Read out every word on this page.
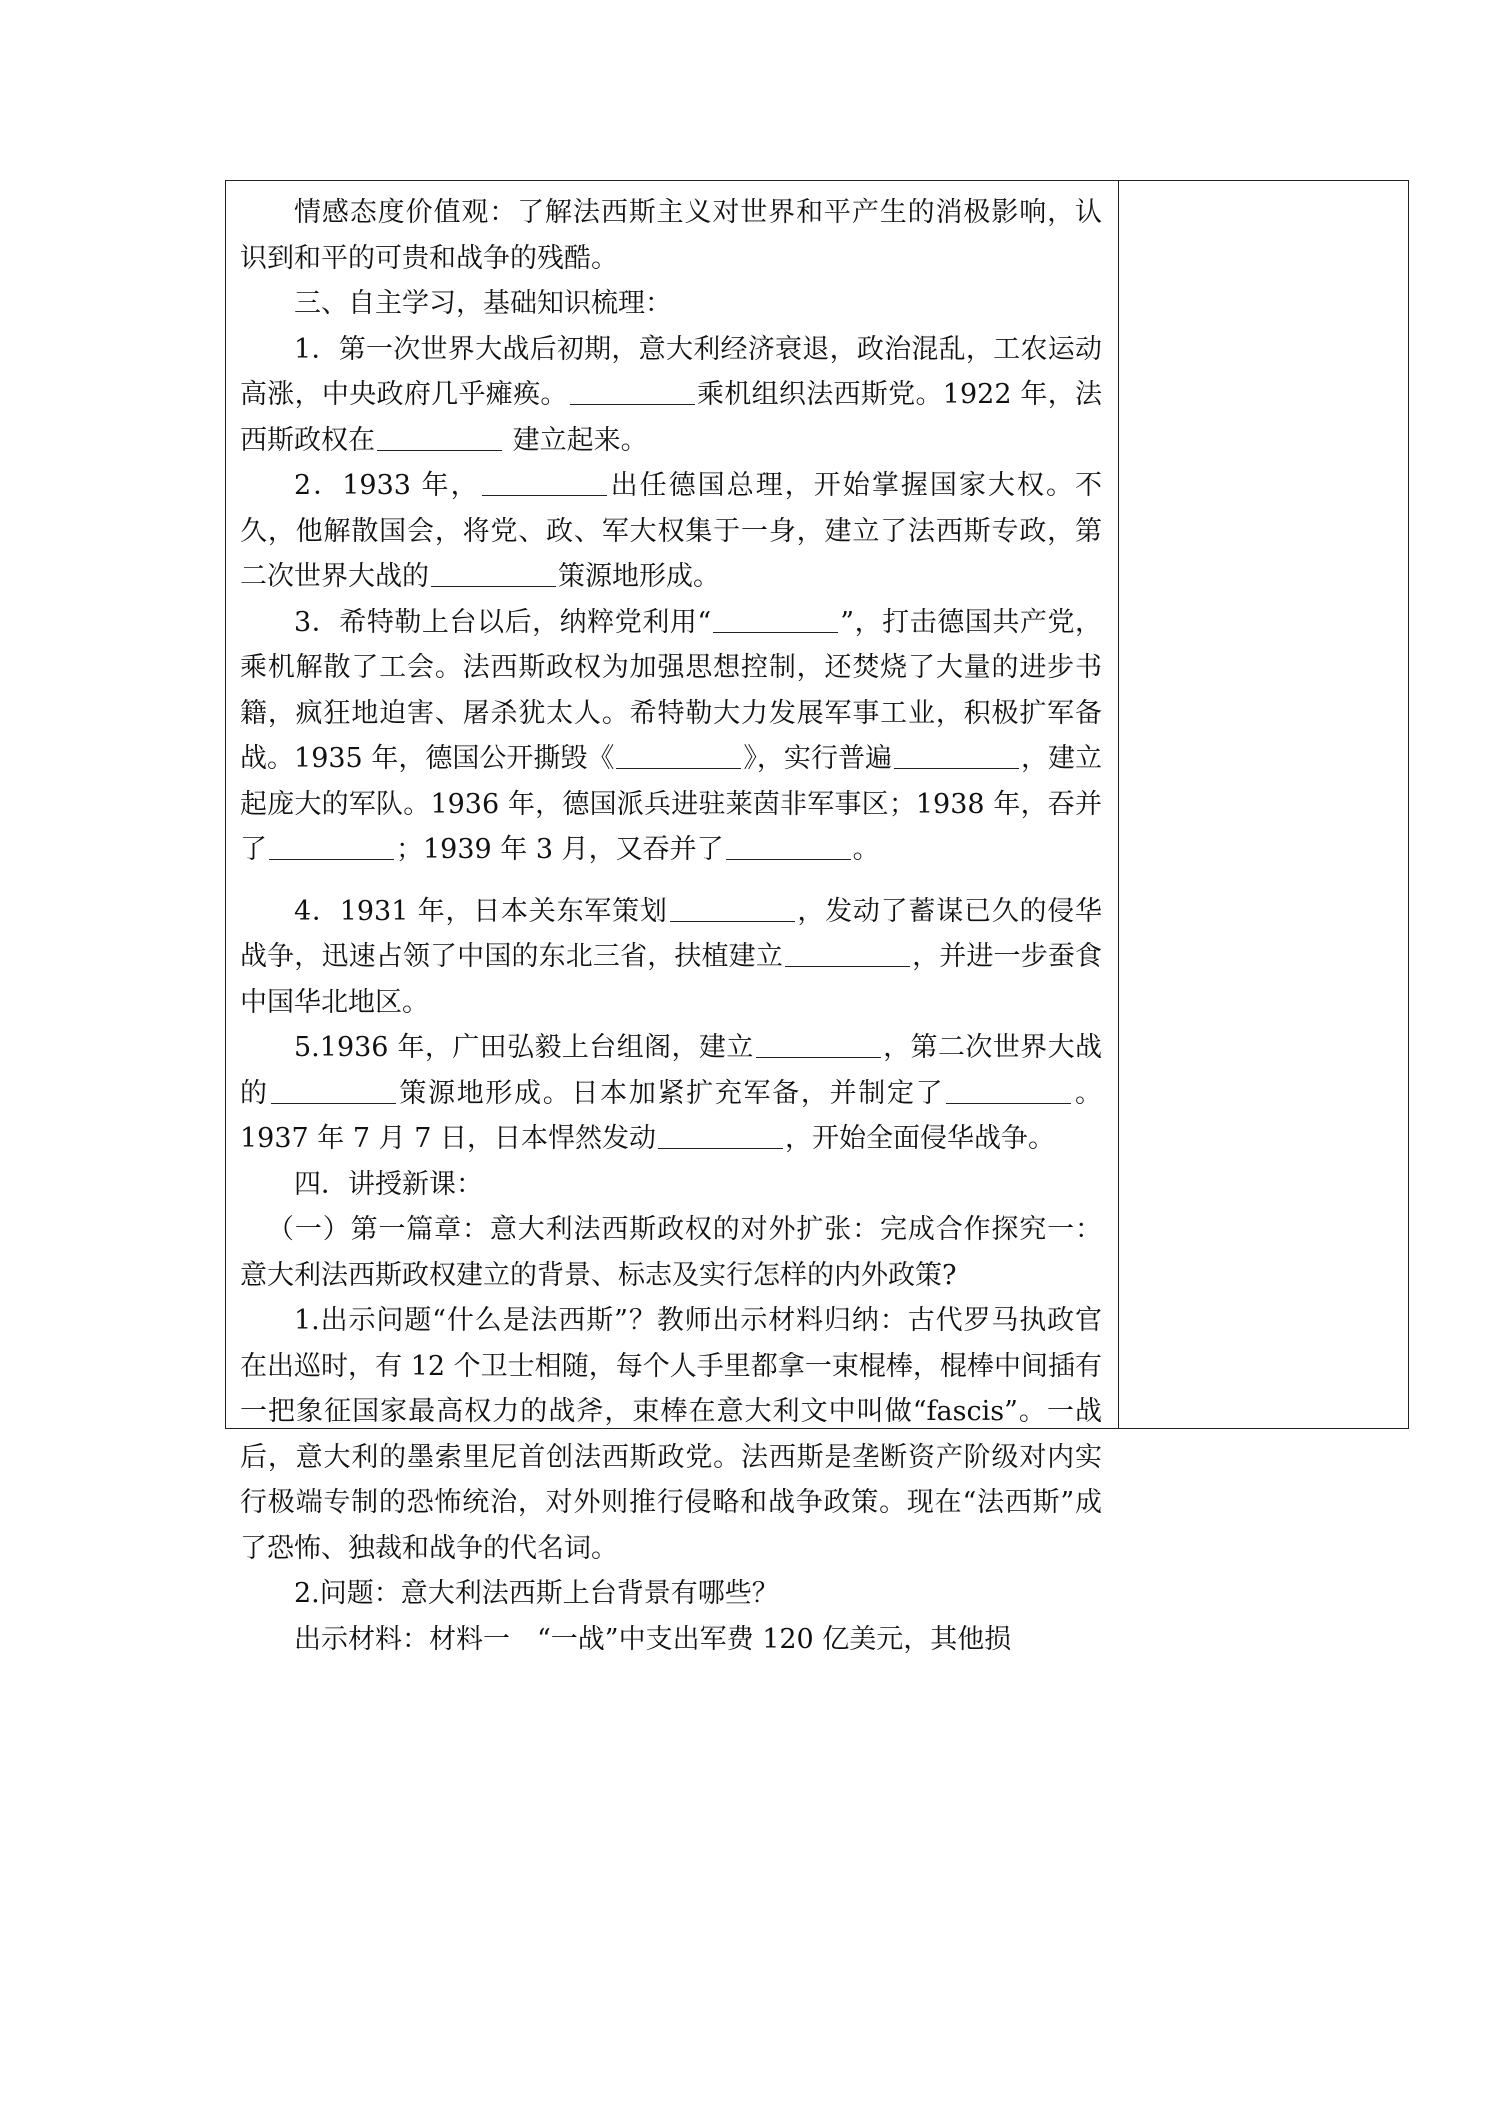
情感态度价值观：了解法西斯主义对世界和平产生的消极影响，认识到和平的可贵和战争的残酷。

三、自主学习，基础知识梳理：

1．第一次世界大战后初期，意大利经济衰退，政治混乱，工农运动高涨，中央政府几乎瘫痪。	乘机组织法西斯党。1922 年，法西斯政权在	建立起来。

2．1933 年，	出任德国总理，开始掌握国家大权。不久，他解散国会，将党、政、军大权集于一身，建立了法西斯专政，第二次世界大战的	策源地形成。

3．希特勒上台以后，纳粹党利用“	”，打击德国共产党，乘机解散了工会。法西斯政权为加强思想控制，还焚烧了大量的进步书籍，疯狂地迫害、屠杀犹太人。希特勒大力发展军事工业，积极扩军备战。1935 年，德国公开撕毁《	》，实行普遍	，建立起庞大的军队。1936 年，德国派兵进驻莱茵非军事区；1938 年，吞并了	；1939 年 3 月，又吞并了	。

4．1931 年，日本关东军策划	，发动了蓄谋已久的侵华战争，迅速占领了中国的东北三省，扶植建立	，并进一步蚕食中国华北地区。

5.1936 年，广田弘毅上台组阁，建立	，第二次世界大战的	策源地形成。日本加紧扩充军备，并制定了	。1937 年 7 月 7 日，日本悍然发动	，开始全面侵华战争。

四．讲授新课：

（一）第一篇章：意大利法西斯政权的对外扩张：完成合作探究一：意大利法西斯政权建立的背景、标志及实行怎样的内外政策?

1.出示问题“什么是法西斯”？教师出示材料归纳：古代罗马执政官在出巡时，有 12 个卫士相随，每个人手里都拿一束棍棒，棍棒中间插有一把象征国家最高权力的战斧，束棒在意大利文中叫做“fascis”。一战后，意大利的墨索里尼首创法西斯政党。法西斯是垄断资产阶级对内实行极端专制的恐怖统治，对外则推行侵略和战争政策。现在“法西斯”成了恐怖、独裁和战争的代名词。

2.问题：意大利法西斯上台背景有哪些？

出示材料：材料一　“一战”中支出军费 120 亿美元，其他损
